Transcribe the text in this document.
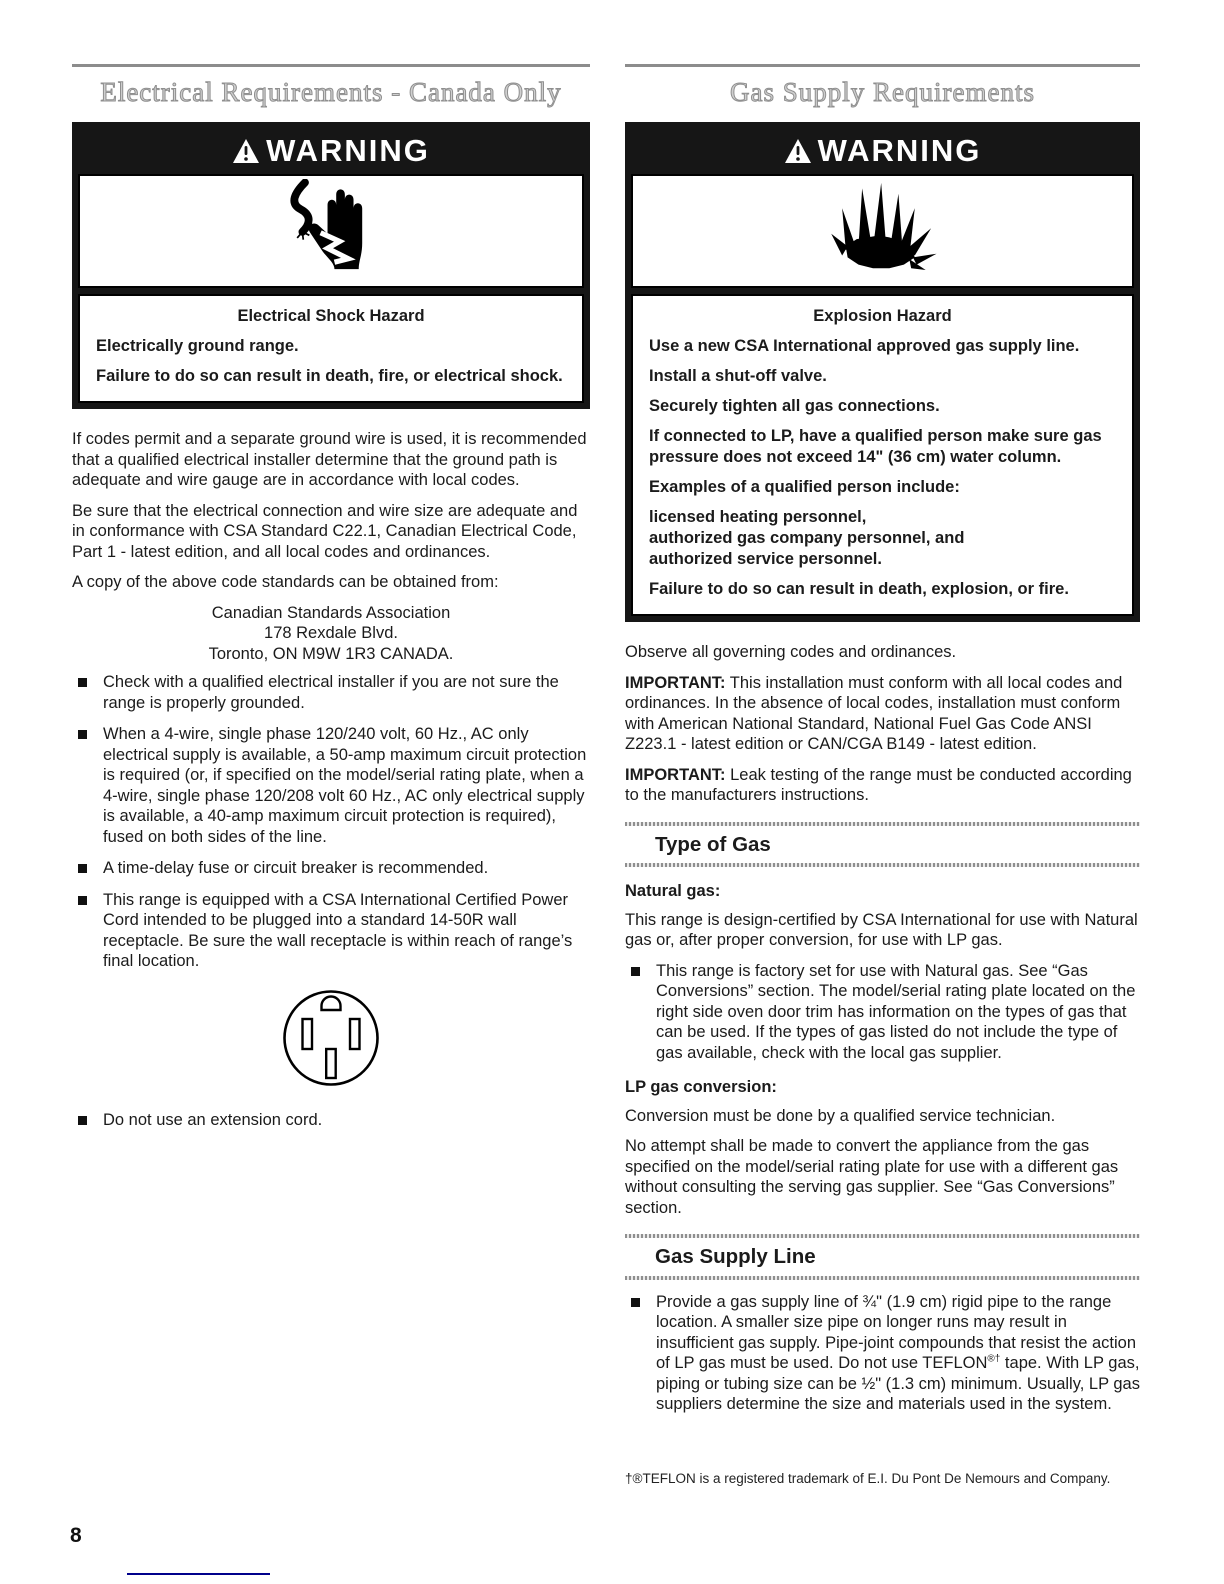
Electrical Requirements - Canada Only
WARNING
Electrical Shock Hazard

Electrically ground range.

Failure to do so can result in death, fire, or electrical shock.

If codes permit and a separate ground wire is used, it is recommended that a qualified electrical installer determine that the ground path is adequate and wire gauge are in accordance with local codes.

Be sure that the electrical connection and wire size are adequate and in conformance with CSA Standard C22.1, Canadian Electrical Code, Part 1 - latest edition, and all local codes and ordinances.

A copy of the above code standards can be obtained from:

Canadian Standards Association
178 Rexdale Blvd.
Toronto, ON M9W 1R3 CANADA.
Check with a qualified electrical installer if you are not sure the range is properly grounded.
When a 4-wire, single phase 120/240 volt, 60 Hz., AC only electrical supply is available, a 50-amp maximum circuit protection is required (or, if specified on the model/serial rating plate, when a 4-wire, single phase 120/208 volt 60 Hz., AC only electrical supply is available, a 40-amp maximum circuit protection is required), fused on both sides of the line.
A time-delay fuse or circuit breaker is recommended.
This range is equipped with a CSA International Certified Power Cord intended to be plugged into a standard 14-50R wall receptacle. Be sure the wall receptacle is within reach of range’s final location.
Do not use an extension cord.
8
Gas Supply Requirements
WARNING
Explosion Hazard

Use a new CSA International approved gas supply line.

Install a shut-off valve.

Securely tighten all gas connections.

If connected to LP, have a qualified person make sure gas pressure does not exceed 14" (36 cm) water column.

Examples of a qualified person include:

licensed heating personnel,

authorized gas company personnel, and

authorized service personnel.

Failure to do so can result in death, explosion, or fire.

Observe all governing codes and ordinances.

IMPORTANT: This installation must conform with all local codes and ordinances. In the absence of local codes, installation must conform with American National Standard, National Fuel Gas Code ANSI Z223.1 - latest edition or CAN/CGA B149 - latest edition.

IMPORTANT: Leak testing of the range must be conducted according to the manufacturers instructions.

Type of Gas
Natural gas:

This range is design-certified by CSA International for use with Natural gas or, after proper conversion, for use with LP gas.

This range is factory set for use with Natural gas. See “Gas Conversions” section. The model/serial rating plate located on the right side oven door trim has information on the types of gas that can be used. If the types of gas listed do not include the type of gas available, check with the local gas supplier.
LP gas conversion:

Conversion must be done by a qualified service technician.

No attempt shall be made to convert the appliance from the gas specified on the model/serial rating plate for use with a different gas without consulting the serving gas supplier. See “Gas Conversions” section.

Gas Supply Line
Provide a gas supply line of ¾" (1.9 cm) rigid pipe to the range location. A smaller size pipe on longer runs may result in insufficient gas supply. Pipe-joint compounds that resist the action of LP gas must be used. Do not use TEFLON®† tape. With LP gas, piping or tubing size can be ½" (1.3 cm) minimum. Usually, LP gas suppliers determine the size and materials used in the system.
†®TEFLON is a registered trademark of E.I. Du Pont De Nemours and Company.
